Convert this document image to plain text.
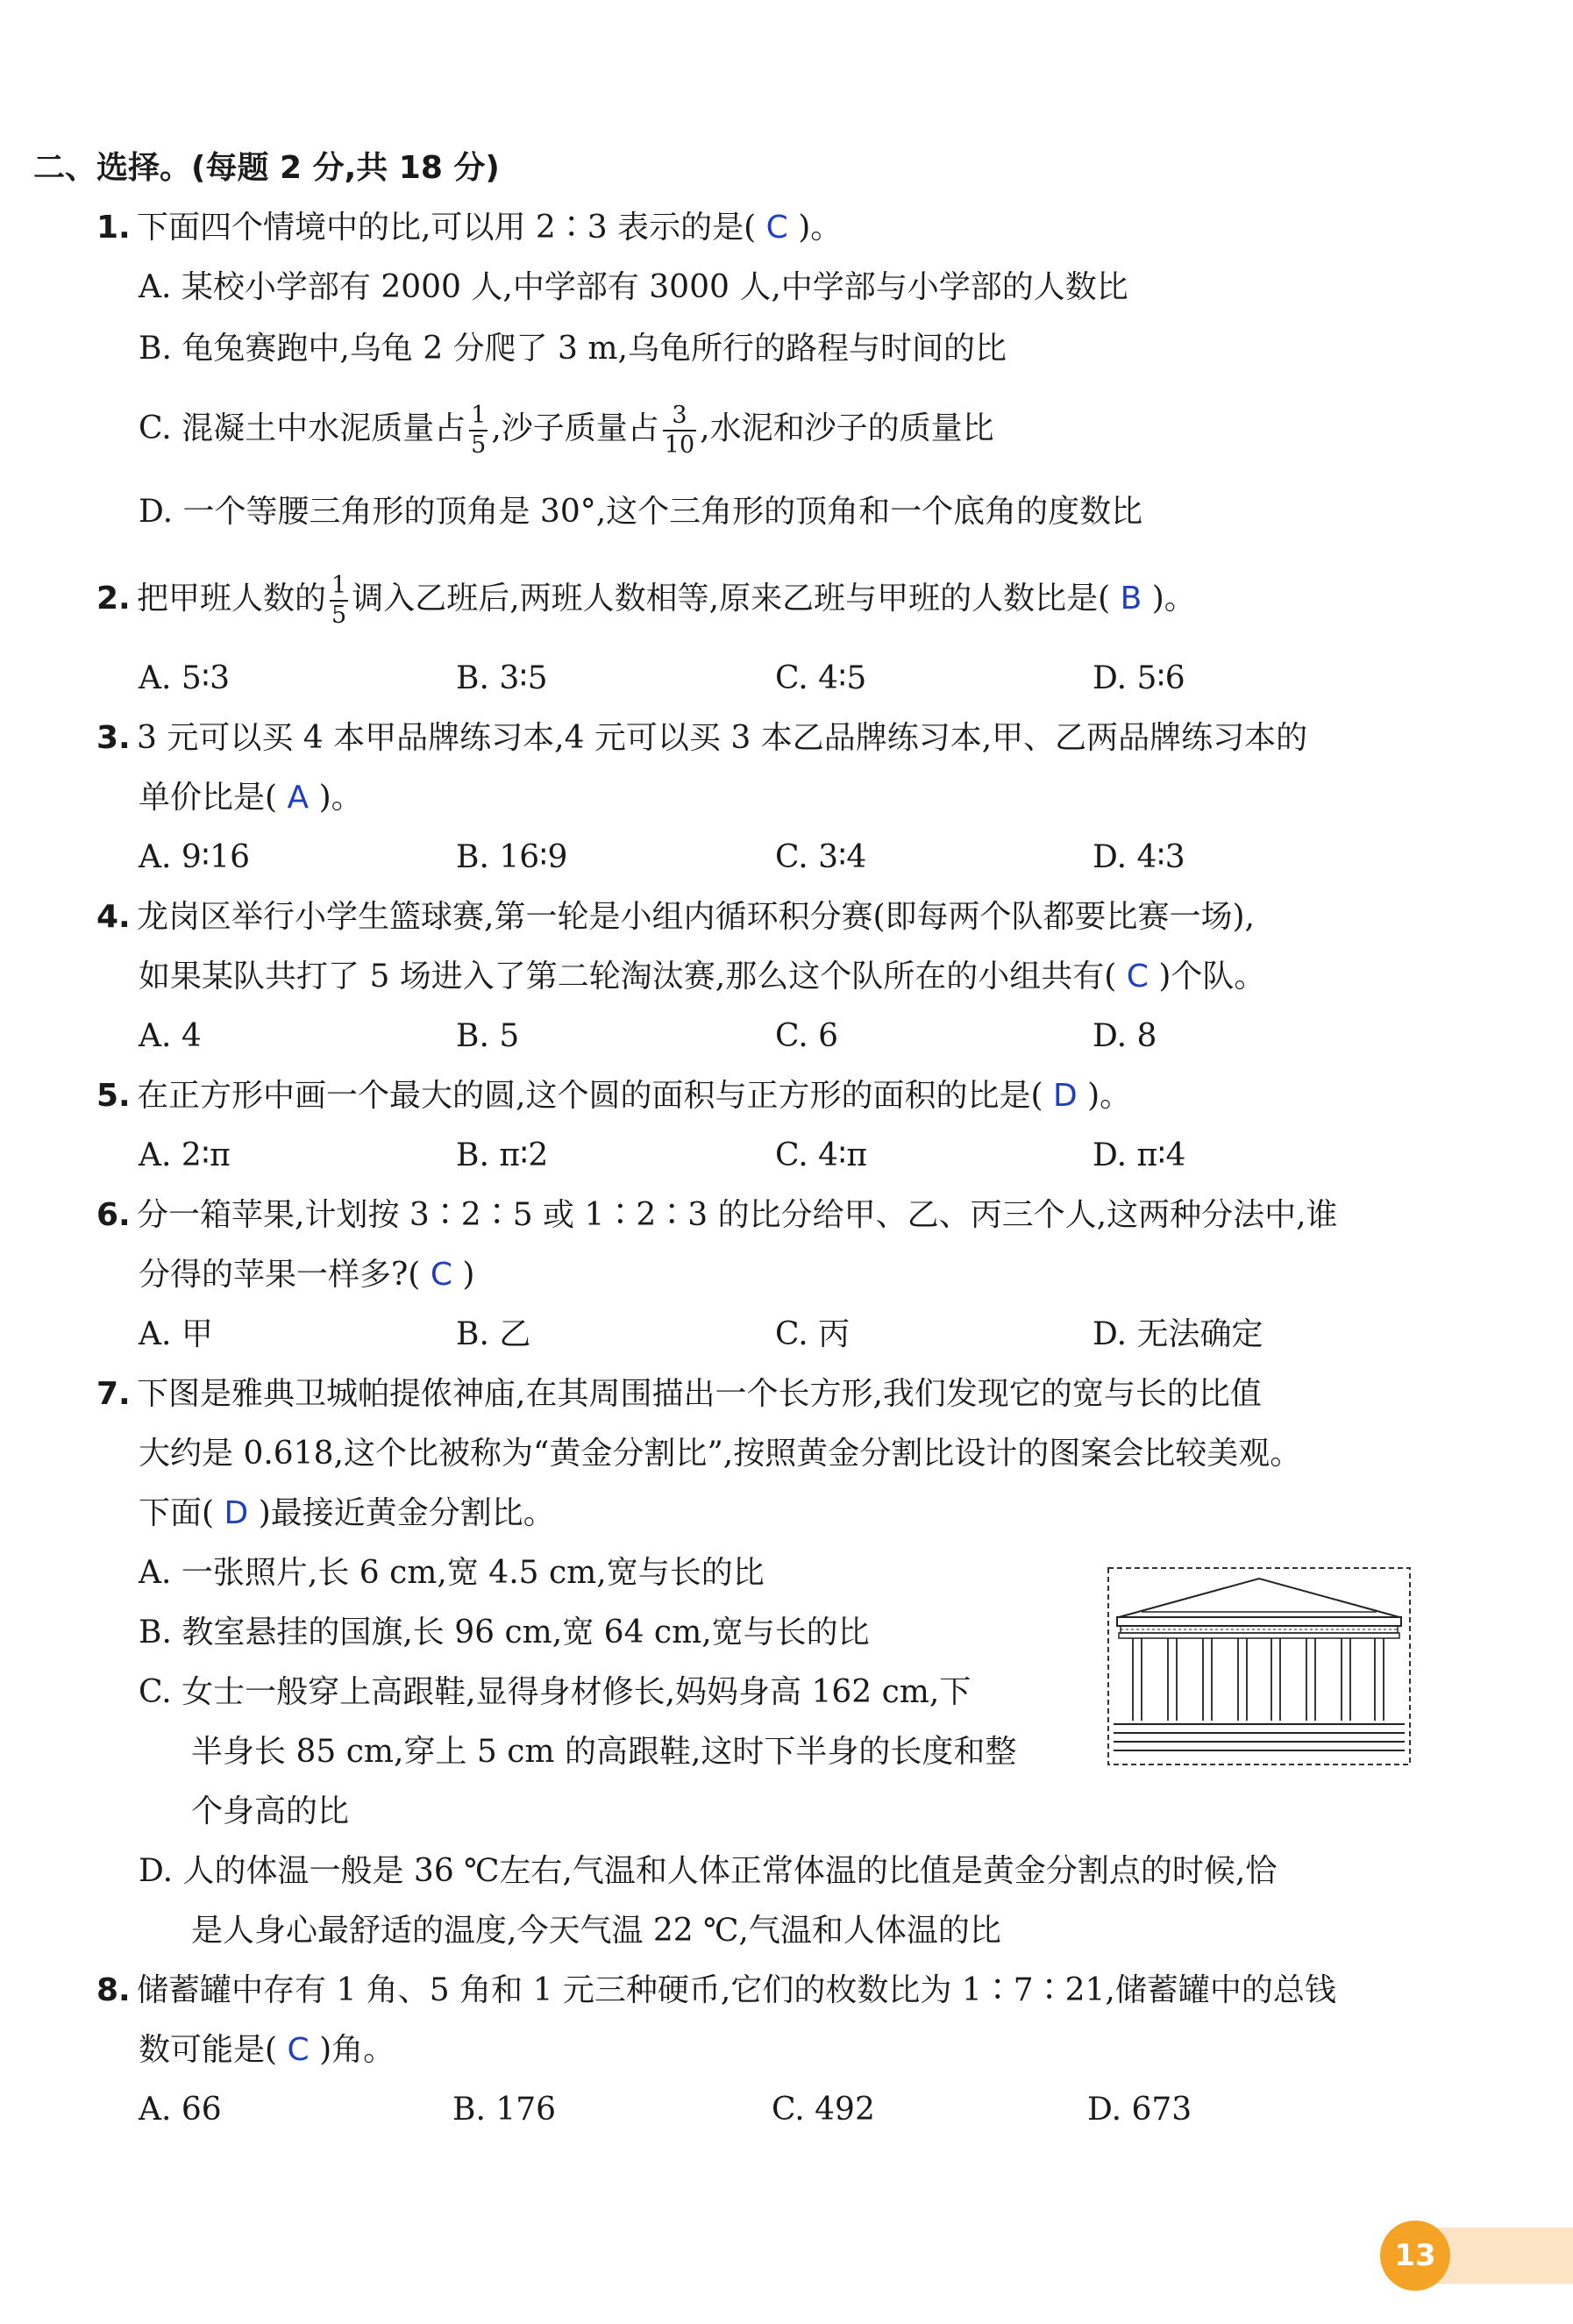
二、选择。(每题 2 分,共 18 分)
1. 下面四个情境中的比,可以用 2∶3 表示的是( C )。
A. 某校小学部有 2000 人,中学部有 3000 人,中学部与小学部的人数比
B. 龟兔赛跑中,乌龟 2 分爬了 3 m,乌龟所行的路程与时间的比
C. 混凝土中水泥质量占 $\frac{1}{5}$ ,沙子质量占 $\frac{3}{10}$ ,水泥和沙子的质量比
D. 一个等腰三角形的顶角是 30°,这个三角形的顶角和一个底角的度数比
2. 把甲班人数的 $\frac{1}{5}$ 调入乙班后,两班人数相等,原来乙班与甲班的人数比是( B )。
A. 5∶3	B. 3∶5	C. 4∶5	D. 5∶6
3. 3 元可以买 4 本甲品牌练习本,4 元可以买 3 本乙品牌练习本,甲、乙两品牌练习本的
单价比是( A )。
A. 9∶16	B. 16∶9	C. 3∶4	D. 4∶3
4. 龙岗区举行小学生篮球赛,第一轮是小组内循环积分赛(即每两个队都要比赛一场),
如果某队共打了 5 场进入了第二轮淘汰赛,那么这个队所在的小组共有( C )个队。
A. 4	B. 5	C. 6	D. 8
5. 在正方形中画一个最大的圆,这个圆的面积与正方形的面积的比是( D )。
A. 2∶π	B. π∶2	C. 4∶π	D. π∶4
6. 分一箱苹果,计划按 3∶2∶5 或 1∶2∶3 的比分给甲、乙、丙三个人,这两种分法中,谁
分得的苹果一样多?( C )
A. 甲	B. 乙	C. 丙	D. 无法确定
7. 下图是雅典卫城帕提侬神庙,在其周围描出一个长方形,我们发现它的宽与长的比值
大约是 0.618,这个比被称为“黄金分割比”,按照黄金分割比设计的图案会比较美观。
下面( D )最接近黄金分割比。
A. 一张照片,长 6 cm,宽 4.5 cm,宽与长的比
B. 教室悬挂的国旗,长 96 cm,宽 64 cm,宽与长的比
C. 女士一般穿上高跟鞋,显得身材修长,妈妈身高 162 cm,下
半身长 85 cm,穿上 5 cm 的高跟鞋,这时下半身的长度和整
个身高的比
D. 人的体温一般是 36 ℃左右,气温和人体正常体温的比值是黄金分割点的时候,恰
是人身心最舒适的温度,今天气温 22 ℃,气温和人体温的比
8. 储蓄罐中存有 1 角、5 角和 1 元三种硬币,它们的枚数比为 1∶7∶21,储蓄罐中的总钱
数可能是( C )角。
A. 66	B. 176	C. 492	D. 673
13
